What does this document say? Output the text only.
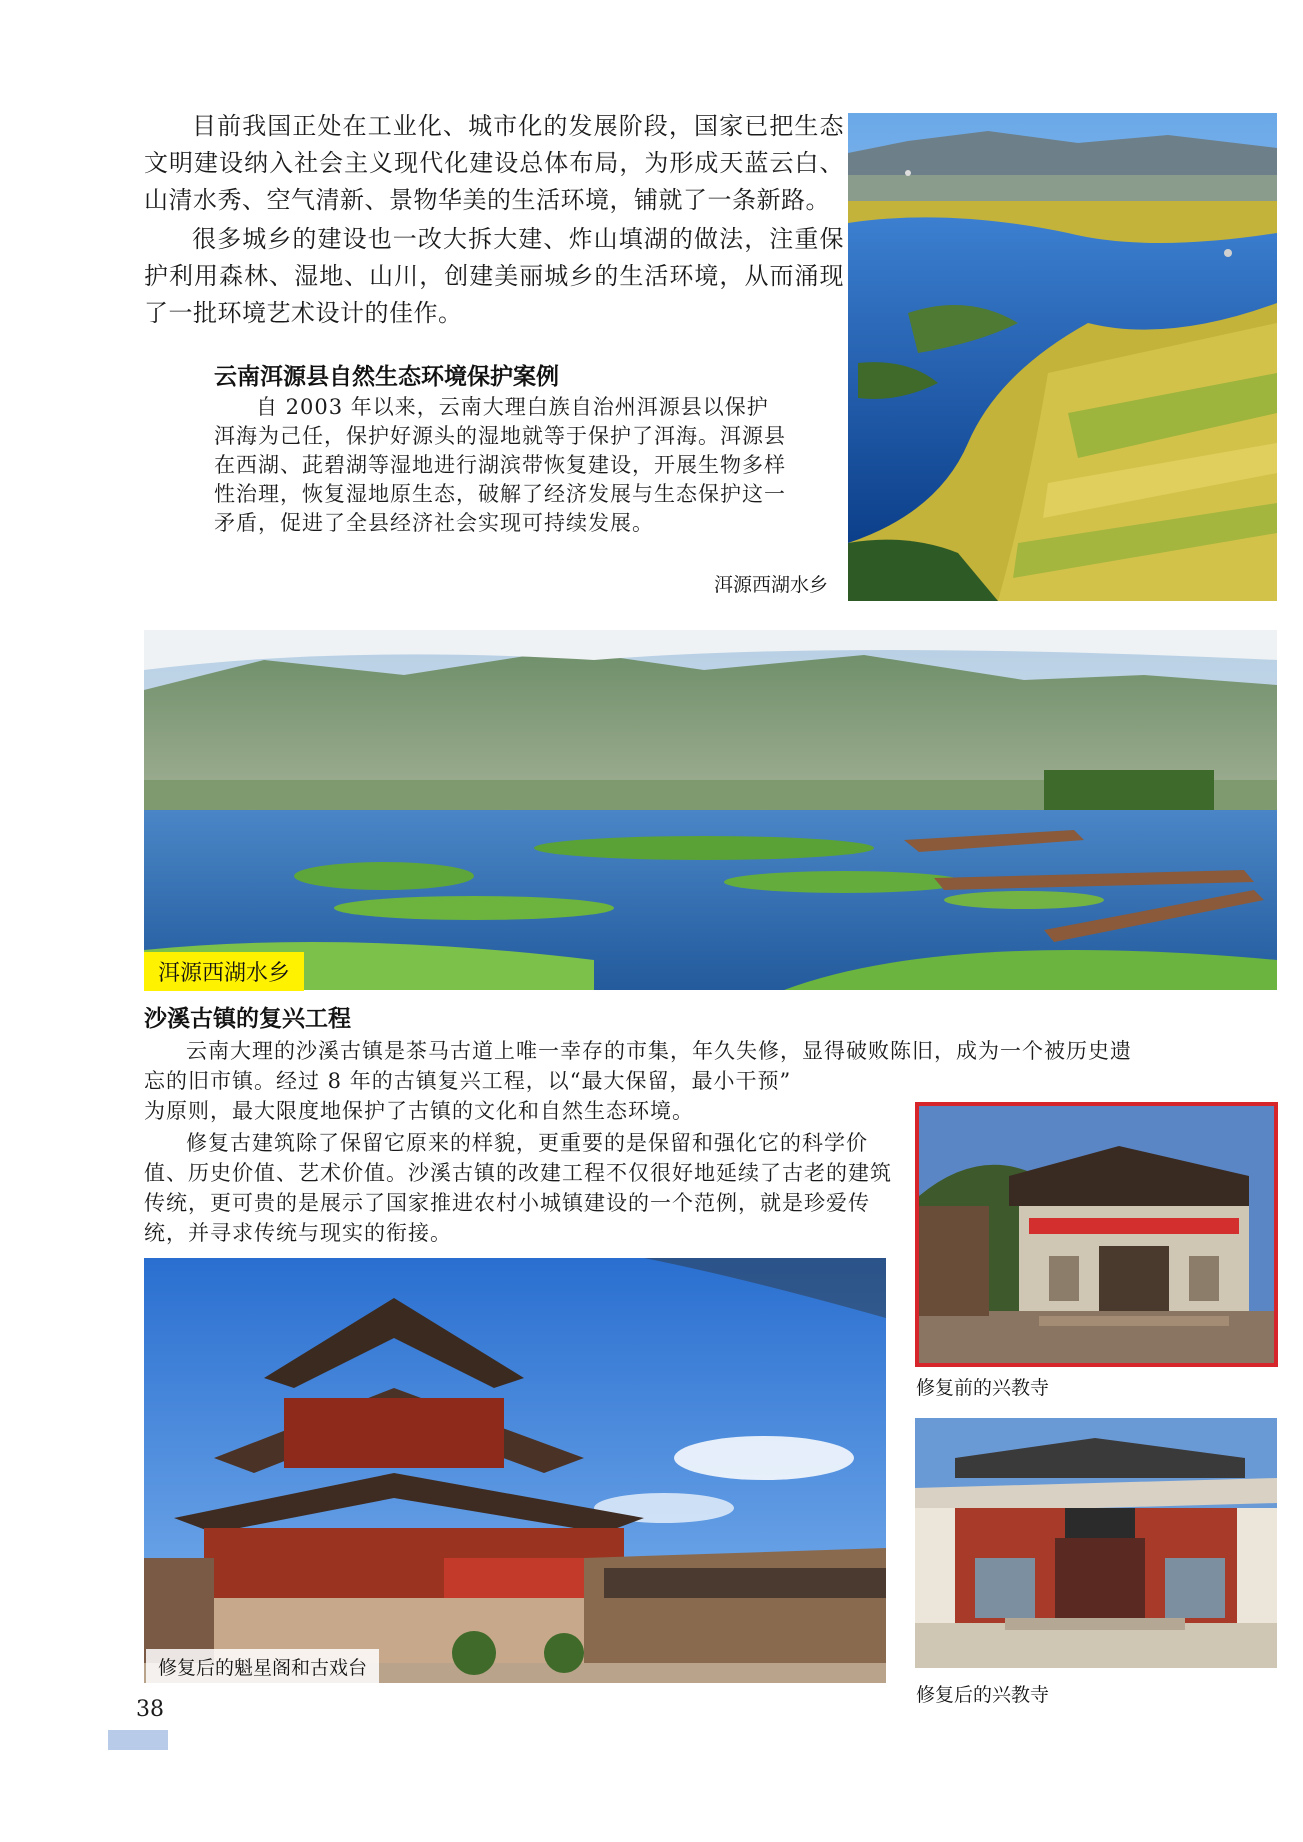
目前我国正处在工业化、城市化的发展阶段，国家已把生态文明建设纳入社会主义现代化建设总体布局，为形成天蓝云白、山清水秀、空气清新、景物华美的生活环境，铺就了一条新路。

很多城乡的建设也一改大拆大建、炸山填湖的做法，注重保护利用森林、湿地、山川，创建美丽城乡的生活环境，从而涌现了一批环境艺术设计的佳作。

云南洱源县自然生态环境保护案例

自 2003 年以来，云南大理白族自治州洱源县以保护洱海为己任，保护好源头的湿地就等于保护了洱海。洱源县在西湖、茈碧湖等湿地进行湖滨带恢复建设，开展生物多样性治理，恢复湿地原生态，破解了经济发展与生态保护这一矛盾，促进了全县经济社会实现可持续发展。

洱源西湖水乡
洱源西湖水乡
沙溪古镇的复兴工程
云南大理的沙溪古镇是茶马古道上唯一幸存的市集，年久失修，显得破败陈旧，成为一个被历史遗
忘的旧市镇。经过 8 年的古镇复兴工程，以“最大保留，最小干预”
为原则，最大限度地保护了古镇的文化和自然生态环境。

修复古建筑除了保留它原来的样貌，更重要的是保留和强化它的科学价值、历史价值、艺术价值。沙溪古镇的改建工程不仅很好地延续了古老的建筑传统，更可贵的是展示了国家推进农村小城镇建设的一个范例，就是珍爱传统，并寻求传统与现实的衔接。

修复前的兴教寺
修复后的魁星阁和古戏台
修复后的兴教寺
38
